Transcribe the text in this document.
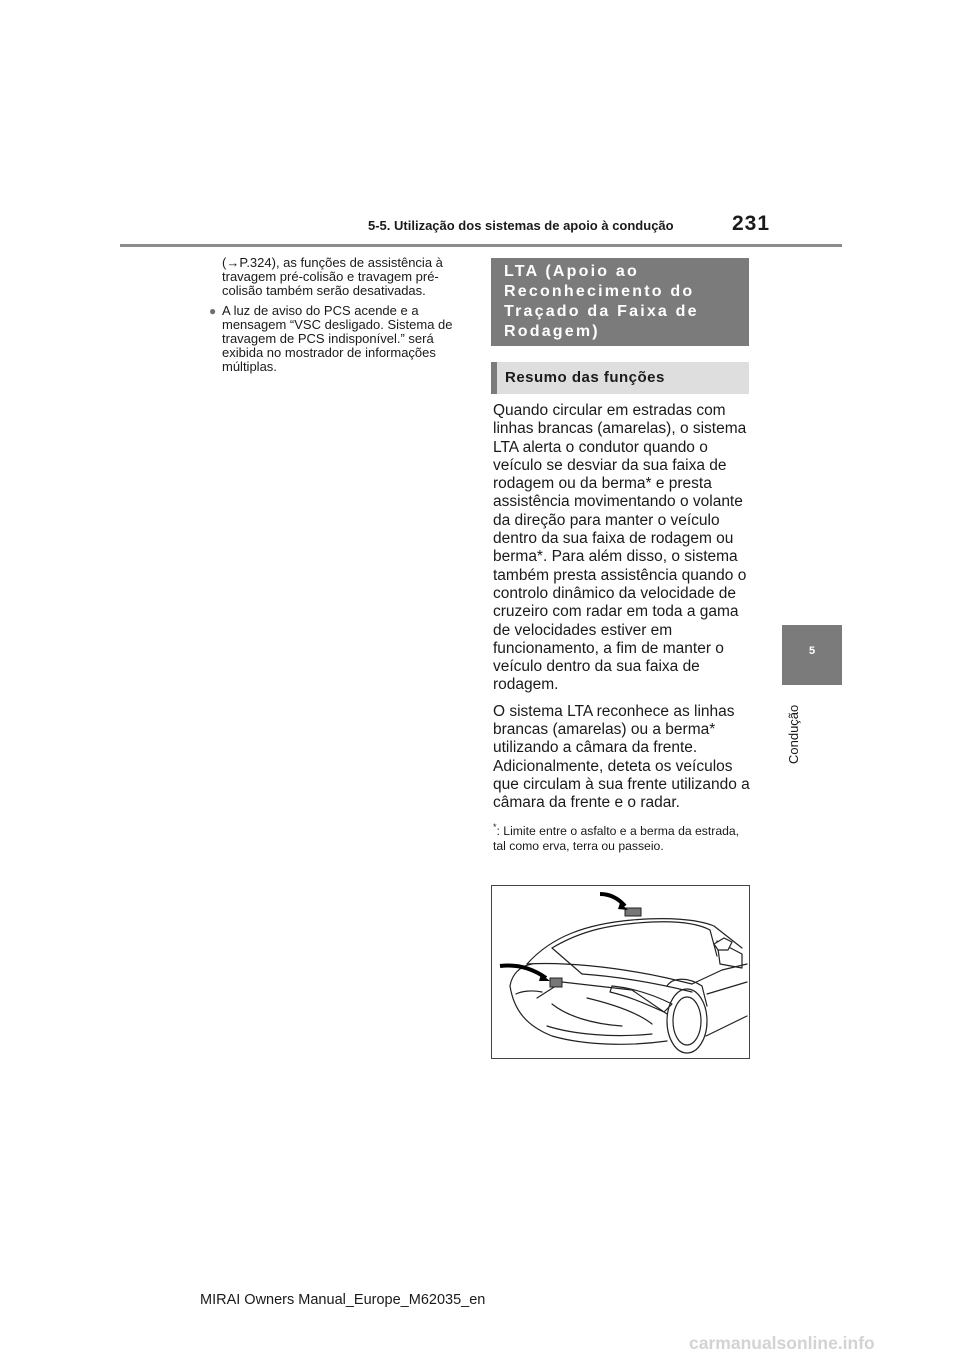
5-5. Utilização dos sistemas de apoio à condução	231

(→P.324), as funções de assistência à travagem pré-colisão e travagem pré-colisão também serão desativadas.

● A luz de aviso do PCS acende e a mensagem “VSC desligado. Sistema de travagem de PCS indisponível.” será exibida no mostrador de informações múltiplas.
LTA (Apoio ao
Reconhecimento do
Traçado da Faixa de
Rodagem)
Resumo das funções

Quando circular em estradas com linhas brancas (amarelas), o sistema LTA alerta o condutor quando o veículo se desviar da sua faixa de rodagem ou da berma* e presta assistência movimentando o volante da direção para manter o veículo dentro da sua faixa de rodagem ou berma*. Para além disso, o sistema também presta assistência quando o controlo dinâmico da velocidade de cruzeiro com radar em toda a gama de velocidades estiver em funcionamento, a fim de manter o veículo dentro da sua faixa de rodagem.

O sistema LTA reconhece as linhas brancas (amarelas) ou a berma* utilizando a câmara da frente. Adicionalmente, deteta os veículos que circulam à sua frente utilizando a câmara da frente e o radar.

*: Limite entre o asfalto e a berma da estrada, tal como erva, terra ou passeio.
5
Condução
MIRAI Owners Manual_Europe_M62035_en
carmanualsonline.info
